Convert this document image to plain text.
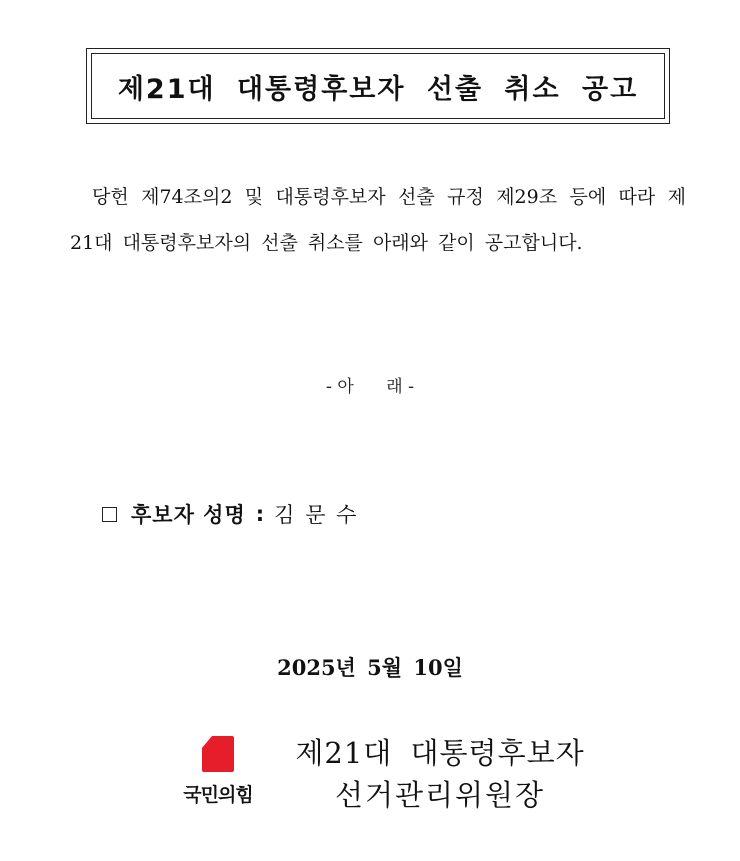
제21대 대통령후보자 선출 취소 공고

당헌 제74조의2 및 대통령후보자 선출 규정 제29조 등에 따라 제21대 대통령후보자의 선출 취소를 아래와 같이 공고합니다.

- 아      래 -
후보자 성명 : 김 문 수
2025년 5월 10일
국민의힘
제21대 대통령후보자
선거관리위원장
